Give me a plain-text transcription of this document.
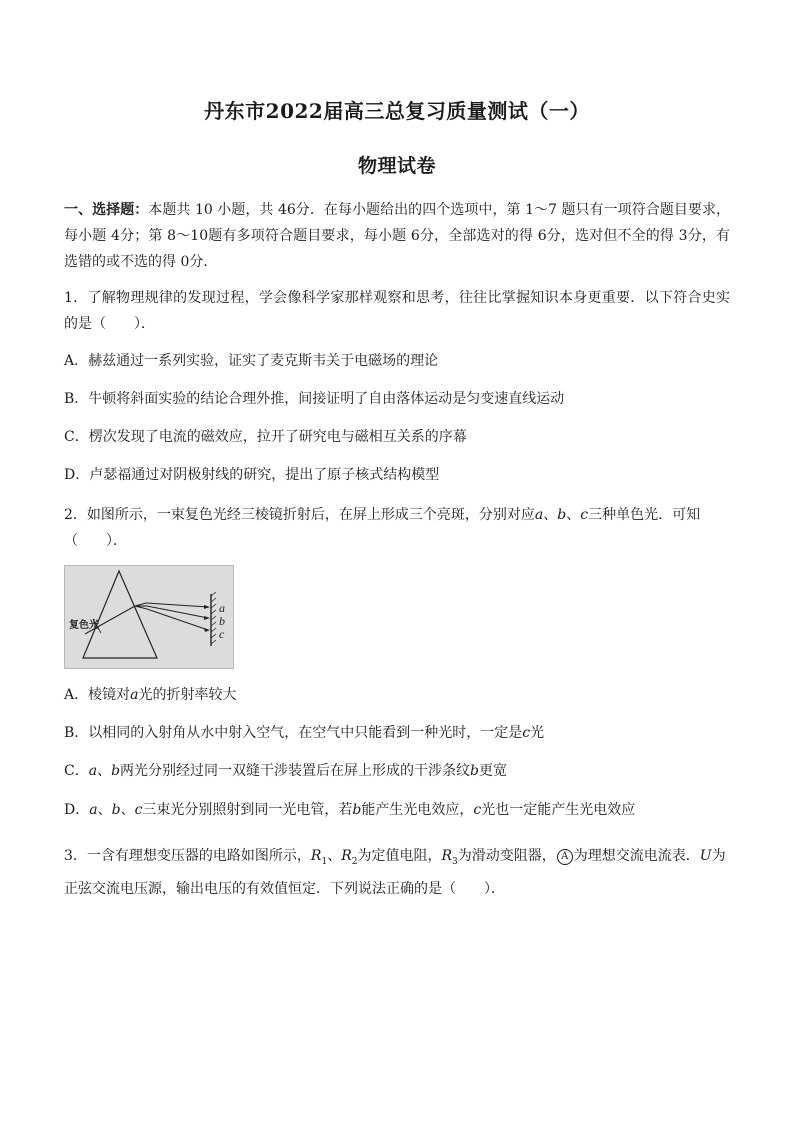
丹东市2022届高三总复习质量测试（一）
物理试卷
一、选择题：本题共 10 小题，共 46分．在每小题给出的四个选项中，第 1～7 题只有一项符合题目要求，每小题 4分；第 8～10题有多项符合题目要求，每小题 6分，全部选对的得 6分，选对但不全的得 3分，有选错的或不选的得 0分．
1．了解物理规律的发现过程，学会像科学家那样观察和思考，往往比掌握知识本身更重要．以下符合史实的是（　　）．
A．赫兹通过一系列实验，证实了麦克斯韦关于电磁场的理论
B．牛顿将斜面实验的结论合理外推，间接证明了自由落体运动是匀变速直线运动
C．楞次发现了电流的磁效应，拉开了研究电与磁相互关系的序幕
D．卢瑟福通过对阴极射线的研究，提出了原子核式结构模型
2．如图所示，一束复色光经三棱镜折射后，在屏上形成三个亮斑，分别对应a、b、c三种单色光．可知
（　　）．
复色光
a
b
c
A．棱镜对a光的折射率较大
B．以相同的入射角从水中射入空气，在空气中只能看到一种光时，一定是c光
C．a、b两光分别经过同一双缝干涉装置后在屏上形成的干涉条纹b更宽
D．a、b、c三束光分别照射到同一光电管，若b能产生光电效应，c光也一定能产生光电效应
3．一含有理想变压器的电路如图所示，$R_1$、$R_2$为定值电阻，$R_3$为滑动变阻器， A 为理想交流电流表．U为
正弦交流电压源，输出电压的有效值恒定．下列说法正确的是（　　）．
